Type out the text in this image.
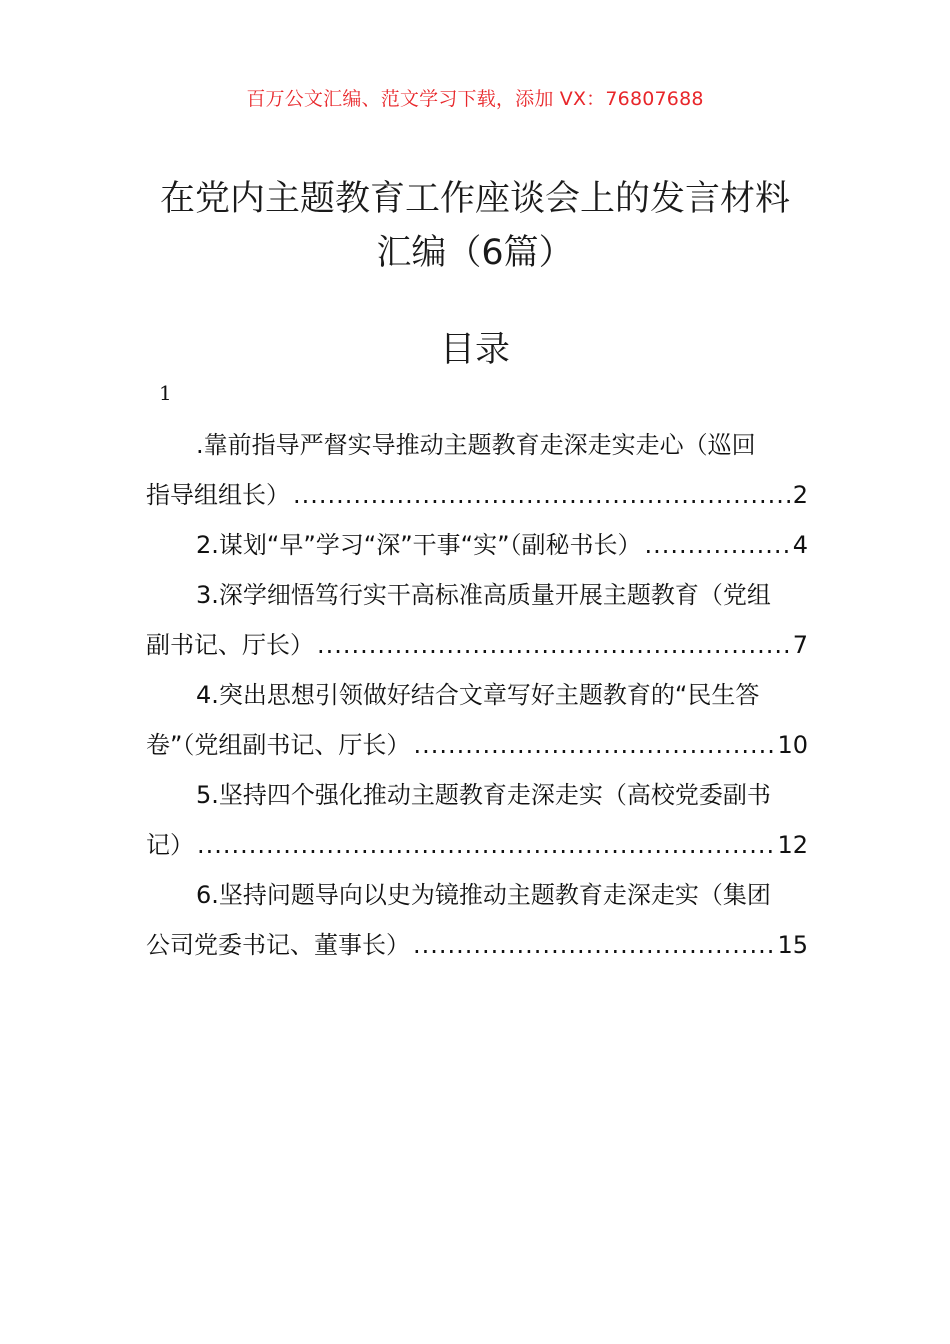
百万公文汇编、范文学习下载，添加 VX：76807688
在党内主题教育工作座谈会上的发言材料
汇编（6篇）
目录
1
.靠前指导严督实导推动主题教育走深走实走心（巡回
指导组组长） .....	2
2.谋划“早”学习“深”干事“实”（副秘书长） .....	4
3.深学细悟笃行实干高标准高质量开展主题教育（党组
副书记、厅长） .....	7
4.突出思想引领做好结合文章写好主题教育的“民生答
卷”（党组副书记、厅长） .....	10
5.坚持四个强化推动主题教育走深走实（高校党委副书
记） .....	12
6.坚持问题导向以史为镜推动主题教育走深走实（集团
公司党委书记、董事长） .....	15
